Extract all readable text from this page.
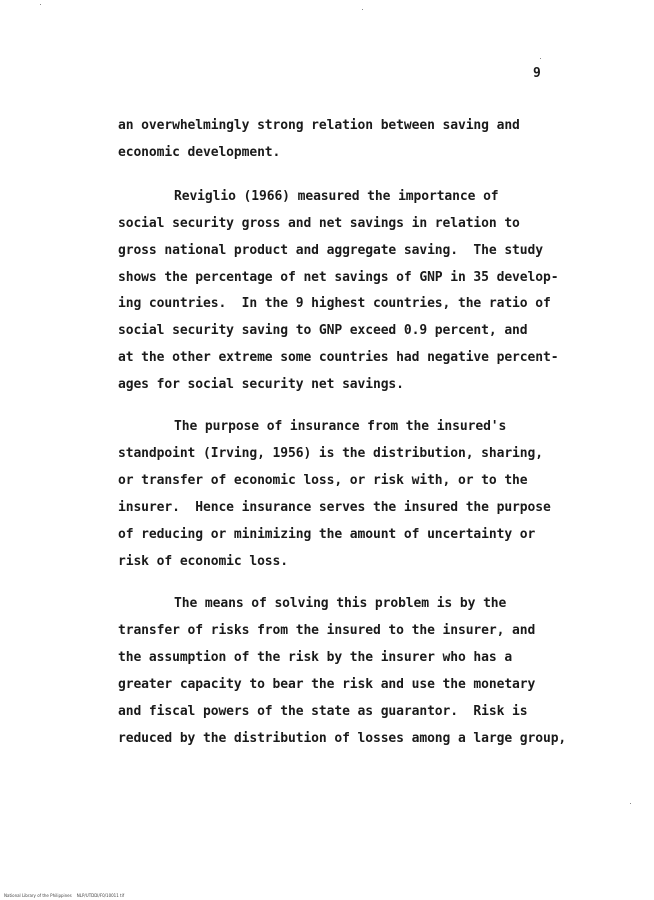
9
an overwhelmingly strong relation between saving and
economic development.
Reviglio (1966) measured the importance of
social security gross and net savings in relation to
gross national product and aggregate saving.  The study
shows the percentage of net savings of GNP in 35 develop-
ing countries.  In the 9 highest countries, the ratio of
social security saving to GNP exceed 0.9 percent, and
at the other extreme some countries had negative percent-
ages for social security net savings.
The purpose of insurance from the insured's
standpoint (Irving, 1956) is the distribution, sharing,
or transfer of economic loss, or risk with, or to the
insurer.  Hence insurance serves the insured the purpose
of reducing or minimizing the amount of uncertainty or
risk of economic loss.
The means of solving this problem is by the
transfer of risks from the insured to the insurer, and
the assumption of the risk by the insurer who has a
greater capacity to bear the risk and use the monetary
and fiscal powers of the state as guarantor.  Risk is
reduced by the distribution of losses among a large group,
National Library of the Philippines    NLP/UTDDI/F0/10011 tif
